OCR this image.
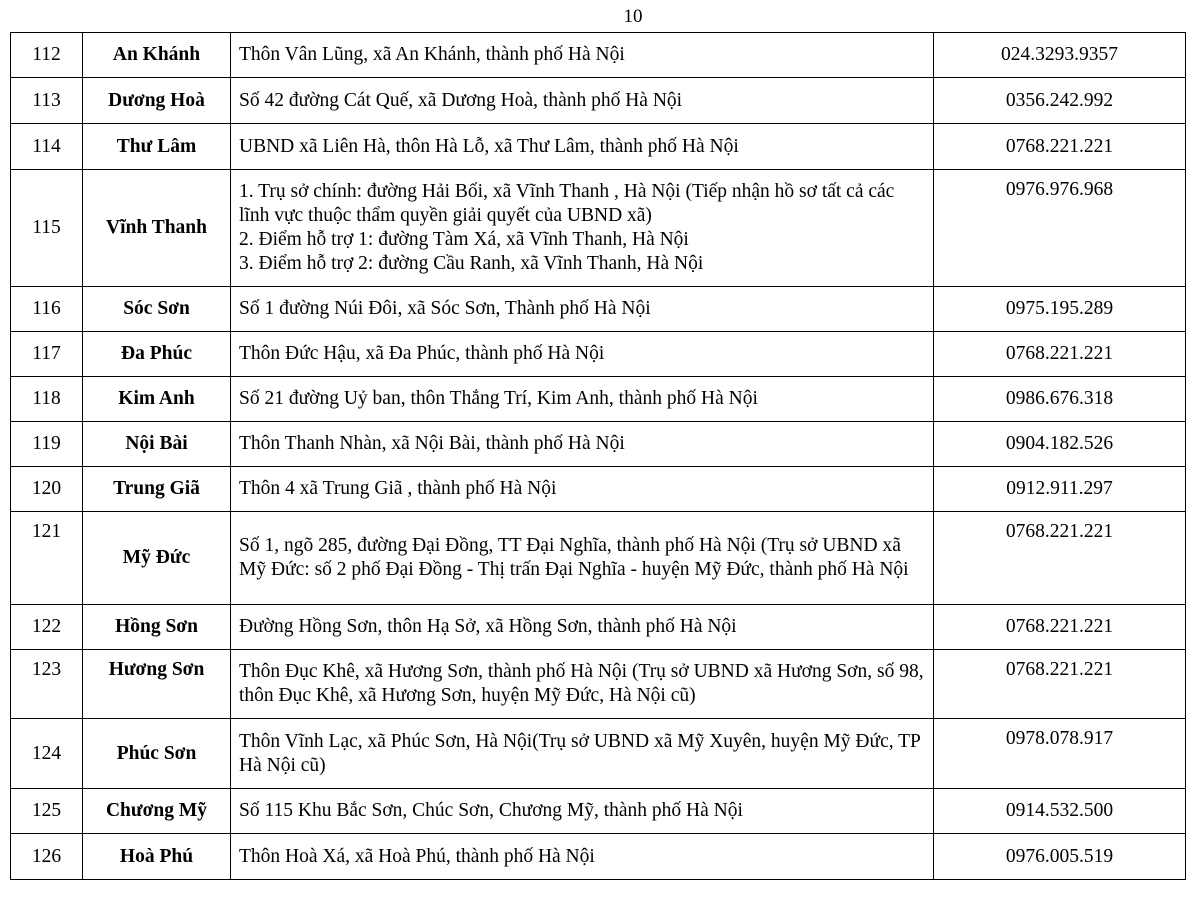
10
112	An Khánh	Thôn Vân Lũng, xã An Khánh, thành phố Hà Nội	024.3293.9357
113	Dương Hoà	Số 42 đường Cát Quế, xã Dương Hoà, thành phố Hà Nội	0356.242.992
114	Thư Lâm	UBND xã Liên Hà, thôn Hà Lỗ, xã Thư Lâm, thành phố Hà Nội	0768.221.221
115	Vĩnh Thanh	1. Trụ sở chính: đường Hải Bối, xã Vĩnh Thanh , Hà Nội (Tiếp nhận hồ sơ tất cả các lĩnh vực thuộc thẩm quyền giải quyết của UBND xã)
2. Điểm hỗ trợ 1: đường Tàm Xá, xã Vĩnh Thanh, Hà Nội
3. Điểm hỗ trợ 2: đường Cầu Ranh, xã Vĩnh Thanh, Hà Nội	0976.976.968
116	Sóc Sơn	Số 1 đường Núi Đôi, xã Sóc Sơn, Thành phố Hà Nội	0975.195.289
117	Đa Phúc	Thôn Đức Hậu, xã Đa Phúc, thành phố Hà Nội	0768.221.221
118	Kim Anh	Số 21 đường Uỷ ban, thôn Thắng Trí, Kim Anh, thành phố Hà Nội	0986.676.318
119	Nội Bài	Thôn Thanh Nhàn, xã Nội Bài, thành phố Hà Nội	0904.182.526
120	Trung Giã	Thôn 4 xã Trung Giã , thành phố Hà Nội	0912.911.297
121	Mỹ Đức	Số 1, ngõ 285, đường Đại Đồng, TT Đại Nghĩa, thành phố Hà Nội (Trụ sở UBND xã Mỹ Đức: số 2 phố Đại Đồng - Thị trấn Đại Nghĩa - huyện Mỹ Đức, thành phố Hà Nội	0768.221.221
122	Hồng Sơn	Đường Hồng Sơn, thôn Hạ Sở, xã Hồng Sơn, thành phố Hà Nội	0768.221.221
123	Hương Sơn	Thôn Đục Khê, xã Hương Sơn, thành phố Hà Nội (Trụ sở UBND xã Hương Sơn, số 98, thôn Đục Khê, xã Hương Sơn, huyện Mỹ Đức, Hà Nội cũ)	0768.221.221
124	Phúc Sơn	Thôn Vĩnh Lạc, xã Phúc Sơn, Hà Nội(Trụ sở UBND xã Mỹ Xuyên, huyện Mỹ Đức, TP Hà Nội cũ)	0978.078.917
125	Chương Mỹ	Số 115 Khu Bắc Sơn, Chúc Sơn, Chương Mỹ, thành phố Hà Nội	0914.532.500
126	Hoà Phú	Thôn Hoà Xá, xã Hoà Phú, thành phố Hà Nội	0976.005.519
